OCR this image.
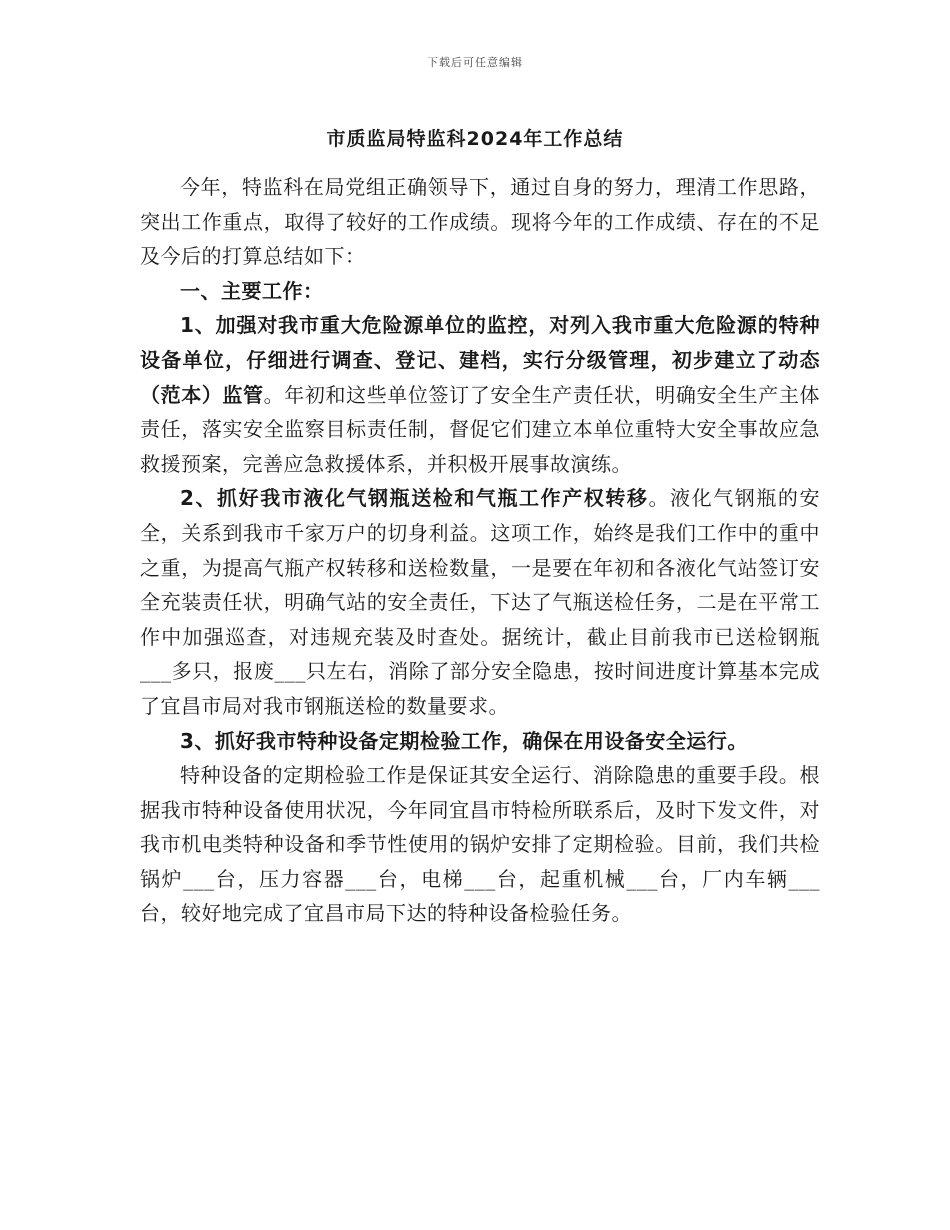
下载后可任意编辑
市质监局特监科2024年工作总结

今年，特监科在局党组正确领导下，通过自身的努力，理清工作思路，突出工作重点，取得了较好的工作成绩。现将今年的工作成绩、存在的不足及今后的打算总结如下：

一、主要工作：

1、加强对我市重大危险源单位的监控，对列入我市重大危险源的特种设备单位，仔细进行调查、登记、建档，实行分级管理，初步建立了动态（范本）监管。年初和这些单位签订了安全生产责任状，明确安全生产主体责任，落实安全监察目标责任制，督促它们建立本单位重特大安全事故应急救援预案，完善应急救援体系，并积极开展事故演练。

2、抓好我市液化气钢瓶送检和气瓶工作产权转移。液化气钢瓶的安全，关系到我市千家万户的切身利益。这项工作，始终是我们工作中的重中之重，为提高气瓶产权转移和送检数量，一是要在年初和各液化气站签订安全充装责任状，明确气站的安全责任，下达了气瓶送检任务，二是在平常工作中加强巡查，对违规充装及时查处。据统计，截止目前我市已送检钢瓶___多只，报废___只左右，消除了部分安全隐患，按时间进度计算基本完成了宜昌市局对我市钢瓶送检的数量要求。

3、抓好我市特种设备定期检验工作，确保在用设备安全运行。

特种设备的定期检验工作是保证其安全运行、消除隐患的重要手段。根据我市特种设备使用状况，今年同宜昌市特检所联系后，及时下发文件，对我市机电类特种设备和季节性使用的锅炉安排了定期检验。目前，我们共检锅炉___台，压力容器___台，电梯___台，起重机械___台，厂内车辆___台，较好地完成了宜昌市局下达的特种设备检验任务。
